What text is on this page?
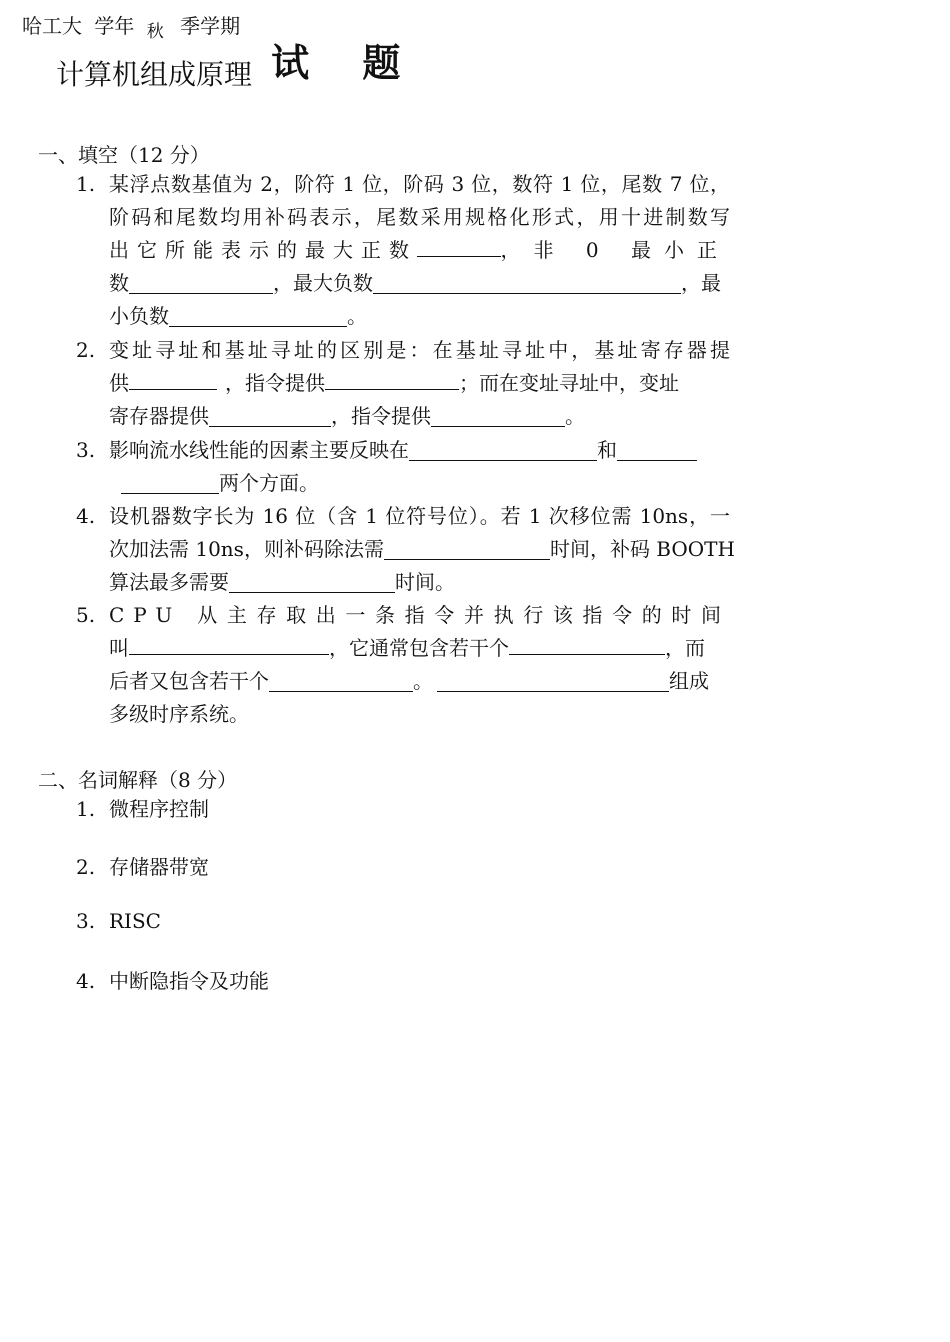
哈工大 学年 $_秋$ 季学期
计算机组成原理 试 题
一、填空（12 分）
1. 某浮点数基值为 2，阶符 1 位，阶码 3 位，数符 1 位，尾数 7 位，
阶码和尾数均用补码表示，尾数采用规格化形式，用十进制数写
出它所能表示的最大正数	，非 0 最小正
数	，最大负数	，最
小负数	。
2. 变址寻址和基址寻址的区别是：在基址寻址中，基址寄存器提
供	，指令提供	；而在变址寻址中，变址
寄存器提供	，指令提供	。
3. 影响流水线性能的因素主要反映在	和
两个方面。
4. 设机器数字长为 16 位（含 1 位符号位）。若 1 次移位需 10ns，一
次加法需 10ns，则补码除法需	时间，补码 BOOTH
算法最多需要	时间。
5. CPU 从主存取出一条指令并执行该指令的时间
叫	，它通常包含若干个	，而
后者又包含若干个	。	组成
多级时序系统。
二、名词解释（8 分）
1. 微程序控制
2. 存储器带宽
3. RISC
4. 中断隐指令及功能
